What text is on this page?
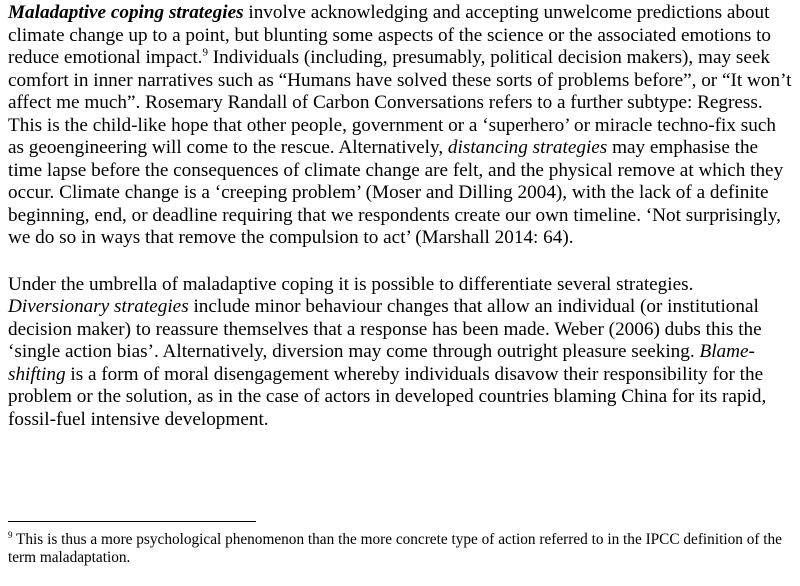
Maladaptive coping strategies involve acknowledging and accepting unwelcome predictions about climate change up to a point, but blunting some aspects of the science or the associated emotions to reduce emotional impact.$^9$ Individuals (including, presumably, political decision makers), may seek comfort in inner narratives such as “Humans have solved these sorts of problems before”, or “It won’t affect me much”. Rosemary Randall of Carbon Conversations refers to a further subtype: Regress. This is the child-like hope that other people, government or a ‘superhero’ or miracle techno-fix such as geoengineering will come to the rescue. Alternatively, distancing strategies may emphasise the time lapse before the consequences of climate change are felt, and the physical remove at which they occur. Climate change is a ‘creeping problem’ (Moser and Dilling 2004), with the lack of a definite beginning, end, or deadline requiring that we respondents create our own timeline. ‘Not surprisingly, we do so in ways that remove the compulsion to act’ (Marshall 2014: 64).

Under the umbrella of maladaptive coping it is possible to differentiate several strategies. Diversionary strategies include minor behaviour changes that allow an individual (or institutional decision maker) to reassure themselves that a response has been made. Weber (2006) dubs this the ‘single action bias’. Alternatively, diversion may come through outright pleasure seeking. Blame-shifting is a form of moral disengagement whereby individuals disavow their responsibility for the problem or the solution, as in the case of actors in developed countries blaming China for its rapid, fossil-fuel intensive development.

$^9$ This is thus a more psychological phenomenon than the more concrete type of action referred to in the IPCC definition of the term maladaptation.
